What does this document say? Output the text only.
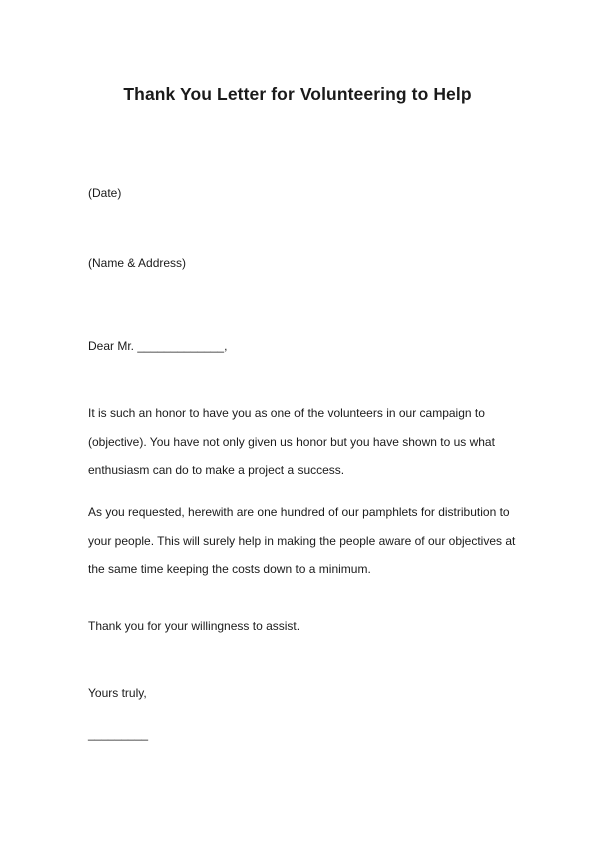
Thank You Letter for Volunteering to Help
(Date)
(Name & Address)
Dear Mr. _____________,
It is such an honor to have you as one of the volunteers in our campaign to
(objective). You have not only given us honor but you have shown to us what
enthusiasm can do to make a project a success.
As you requested, herewith are one hundred of our pamphlets for distribution to
your people. This will surely help in making the people aware of our objectives at
the same time keeping the costs down to a minimum.
Thank you for your willingness to assist.
Yours truly,
_________
